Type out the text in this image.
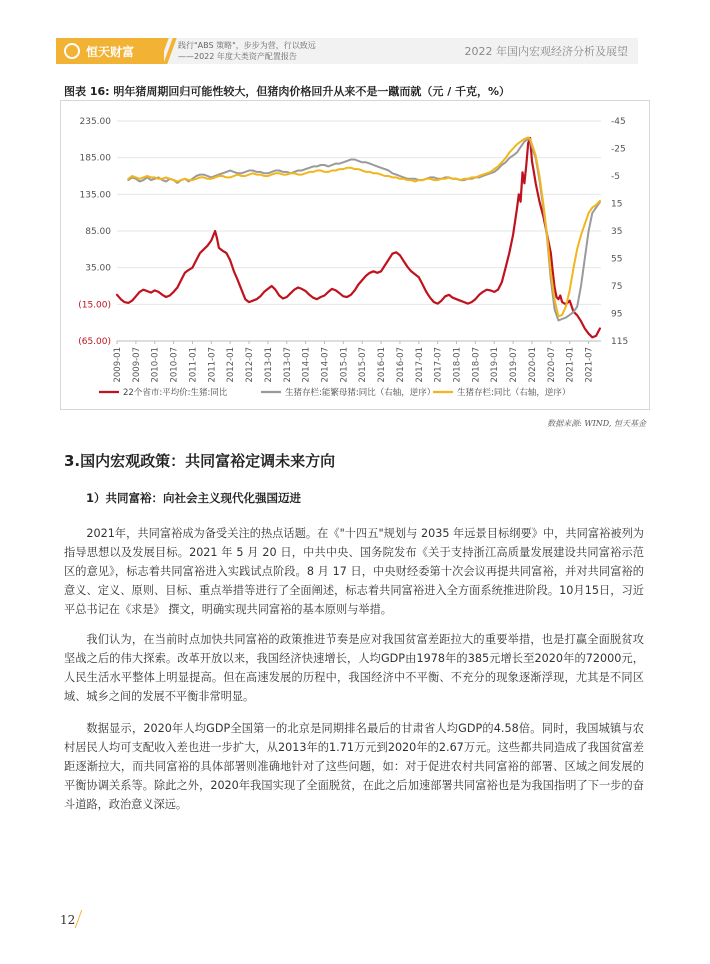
恒天财富	践行"ABS 策略"，步步为营，行以致远
——2022 年度大类资产配置报告	2022 年国内宏观经济分析及展望
图表 16: 明年猪周期回归可能性较大，但猪肉价格回升从来不是一蹴而就（元 / 千克，%）
235.00
185.00
135.00
85.00
35.00
(15.00)
(65.00)
-45
-25
-5
15
35
55
75
95
115
2009-01 2009-07 2010-01 2010-07 2011-01 2011-07 2012-01 2012-07 2013-01 2013-07 2014-01 2014-07 2015-01 2015-07 2016-01 2016-07 2017-01 2017-07 2018-01 2018-07 2019-01 2019-07 2020-01 2020-07 2021-01 2021-07
22个省市:平均价:生猪:同比	生猪存栏:能繁母猪:同比（右轴，逆序）	生猪存栏:同比（右轴，逆序）
数据来源: WIND, 恒天基金
3.国内宏观政策：共同富裕定调未来方向
1）共同富裕：向社会主义现代化强国迈进

2021年，共同富裕成为备受关注的热点话题。在《"十四五"规划与 2035 年远景目标纲要》中，共同富裕被列为指导思想以及发展目标。2021 年 5 月 20 日，中共中央、国务院发布《关于支持浙江高质量发展建设共同富裕示范区的意见》，标志着共同富裕进入实践试点阶段。8 月 17 日，中央财经委第十次会议再提共同富裕，并对共同富裕的意义、定义、原则、目标、重点举措等进行了全面阐述，标志着共同富裕进入全方面系统推进阶段。10月15日，习近平总书记在《求是》 撰文，明确实现共同富裕的基本原则与举措。

我们认为，在当前时点加快共同富裕的政策推进节奏是应对我国贫富差距拉大的重要举措，也是打赢全面脱贫攻坚战之后的伟大探索。改革开放以来，我国经济快速增长，人均GDP由1978年的385元增长至2020年的72000元，人民生活水平整体上明显提高。但在高速发展的历程中，我国经济中不平衡、不充分的现象逐渐浮现，尤其是不同区域、城乡之间的发展不平衡非常明显。

数据显示，2020年人均GDP全国第一的北京是同期排名最后的甘肃省人均GDP的4.58倍。同时，我国城镇与农村居民人均可支配收入差也进一步扩大，从2013年的1.71万元到2020年的2.67万元。这些都共同造成了我国贫富差距逐渐拉大，而共同富裕的具体部署则准确地针对了这些问题，如：对于促进农村共同富裕的部署、区域之间发展的平衡协调关系等。除此之外，2020年我国实现了全面脱贫，在此之后加速部署共同富裕也是为我国指明了下一步的奋斗道路，政治意义深远。

12
